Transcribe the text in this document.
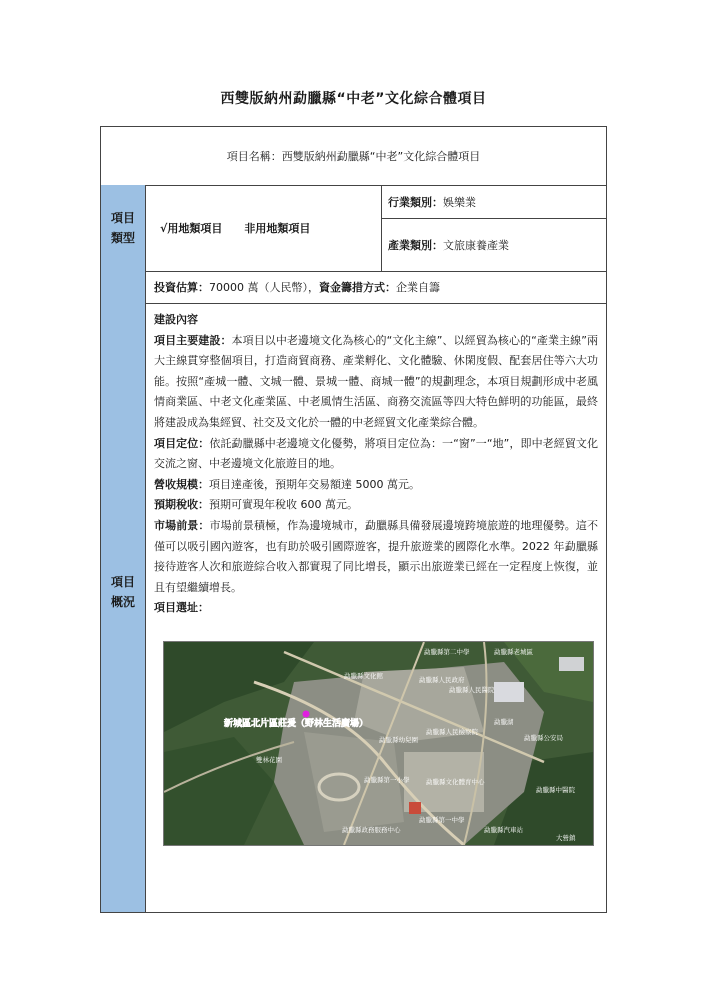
西雙版納州勐臘縣“中老”文化綜合體項目
項目名稱：西雙版納州勐臘縣“中老”文化綜合體項目
項目類型
√用地類項目 非用地類項目
行業類別： 娛樂業
產業類別： 文旅康養產業
項目概況
投資估算： 70000 萬（人民幣）， 資金籌措方式： 企業自籌

建設內容

項目主要建設：本項目以中老邊境文化為核心的“文化主線”、以經貿為核心的“產業主線”兩大主線貫穿整個項目，打造商貿商務、產業孵化、文化體驗、休閑度假、配套居住等六大功能。按照“產城一體、文城一體、景城一體、商城一體”的規劃理念，本項目規劃形成中老風情商業區、中老文化產業區、中老風情生活區、商務交流區等四大特色鮮明的功能區，最終將建設成為集經貿、社交及文化於一體的中老經貿文化產業綜合體。

項目定位：依託勐臘縣中老邊境文化優勢，將項目定位為：一“窗”一“地”，即中老經貿文化交流之窗、中老邊境文化旅遊目的地。

營收規模：項目達產後，預期年交易額達 5000 萬元。

預期稅收：預期可實現年稅收 600 萬元。

市場前景：市場前景積極，作為邊境城市，勐臘縣具備發展邊境跨境旅遊的地理優勢。這不僅可以吸引國內遊客，也有助於吸引國際遊客，提升旅遊業的國際化水準。2022 年勐臘縣接待遊客人次和旅遊綜合收入都實現了同比增長，顯示出旅遊業已經在一定程度上恢復，並且有望繼續增長。

項目選址：

新城區北片區莊爰（野林生活廣場）
勐臘縣第二中學
勐臘縣人民政府
勐臘縣人民醫院
勐臘縣文化館
勐臘縣文化體育中心
勐臘縣第一小學
勐臘縣第一中學
勐臘縣老城區
勐臘縣人民檢察院
勐臘縣公安局
雙林花園
勐臘湖
勐臘縣政務服務中心
勐臘縣中醫院
勐臘縣汽車站
勐臘縣幼兒園
大營鎮
